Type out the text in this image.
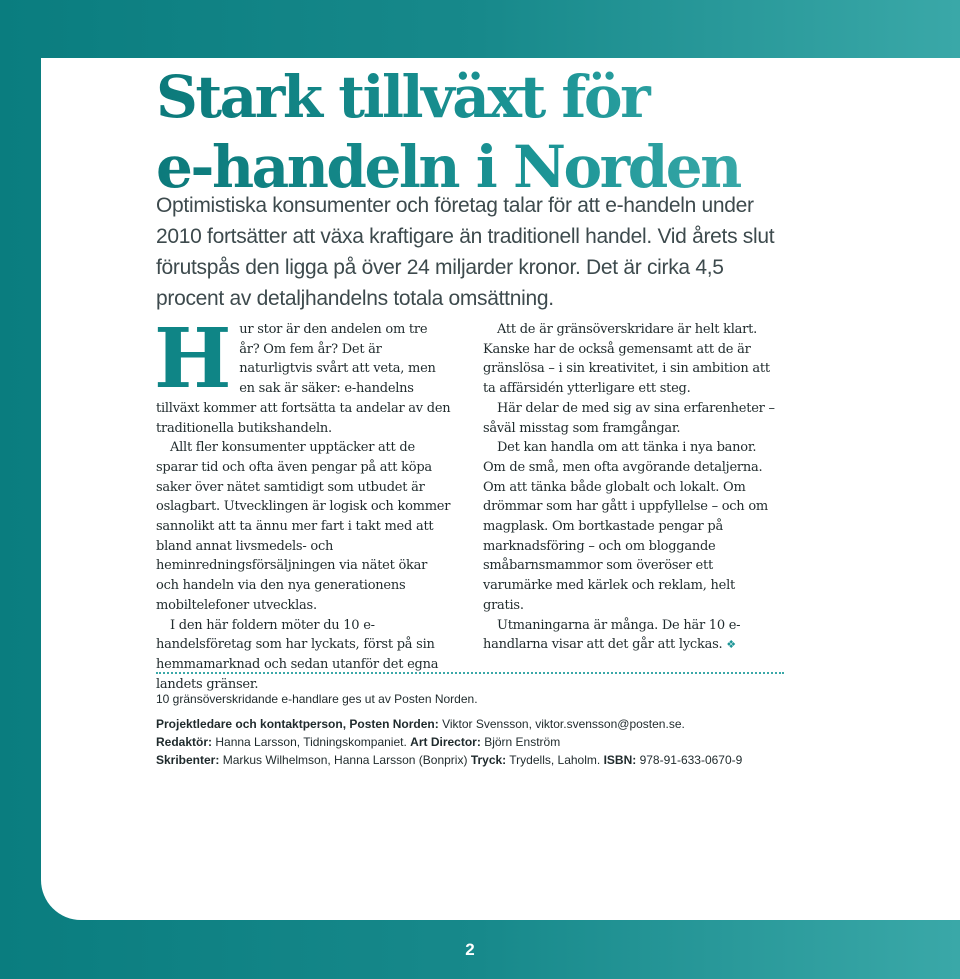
Stark tillväxt för
e-handeln i Norden

Optimistiska konsumenter och företag talar för att e-handeln under 2010 fortsätter att växa kraftigare än traditionell handel. Vid årets slut förutspås den ligga på över 24 miljarder kronor. Det är cirka 4,5 procent av detaljhandelns totala omsättning.

Hur stor är den andelen om tre år? Om fem år? Det är naturligtvis svårt att veta, men en sak är säker: e-handelns tillväxt kommer att fortsätta ta andelar av den traditionella butikshandeln.

Allt fler konsumenter upptäcker att de sparar tid och ofta även pengar på att köpa saker över nätet samtidigt som utbudet är oslagbart. Utvecklingen är logisk och kommer sannolikt att ta ännu mer fart i takt med att bland annat livsmedels- och heminredningsförsäljningen via nätet ökar och handeln via den nya generationens mobiltelefoner utvecklas.

I den här foldern möter du 10 e-handelsföretag som har lyckats, först på sin hemmamarknad och sedan utanför det egna landets gränser.

Att de är gränsöverskridare är helt klart. Kanske har de också gemensamt att de är gränslösa – i sin kreativitet, i sin ambition att ta affärsidén ytterligare ett steg.

Här delar de med sig av sina erfarenheter – såväl misstag som framgångar.

Det kan handla om att tänka i nya banor. Om de små, men ofta avgörande detaljerna. Om att tänka både globalt och lokalt. Om drömmar som har gått i uppfyllelse – och om magplask. Om bortkastade pengar på marknadsföring – och om bloggande småbarnsmammor som överöser ett varumärke med kärlek och reklam, helt gratis.

Utmaningarna är många. De här 10 e-handlarna visar att det går att lyckas. ❖

10 gränsöverskridande e-handlare ges ut av Posten Norden.

Projektledare och kontaktperson, Posten Norden: Viktor Svensson, viktor.svensson@posten.se.

Redaktör: Hanna Larsson, Tidningskompaniet. Art Director: Björn Enström

Skribenter: Markus Wilhelmson, Hanna Larsson (Bonprix) Tryck: Trydells, Laholm. ISBN: 978-91-633-0670-9

2
